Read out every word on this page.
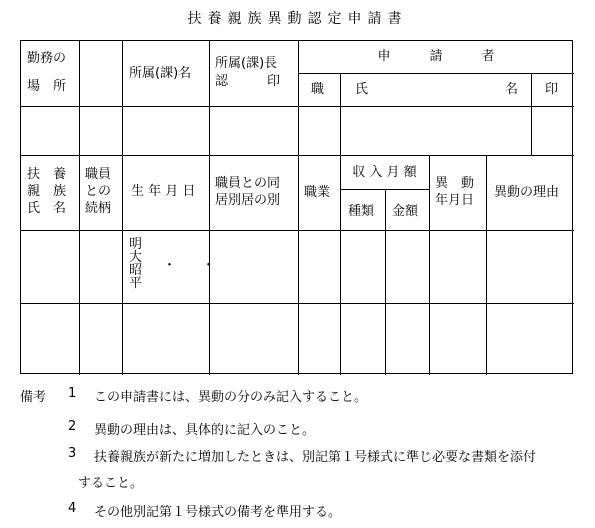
扶養親族異動認定申請書
勤務の
場　所
所属(課)名
所属(課)長
認　　　印
申　　　請　　　者
職 氏	名 印
扶　養
親　族
氏　名
職員
との
続柄
生 年 月 日
職員との同
居別居の別
職業
収 入 月 額
種類 金額
異　動
年月日
異動の理由
明
大
昭
平
・　　・
備考 1 この申請書には、異動の分のみ記入すること。
2 異動の理由は、具体的に記入のこと。
3 扶養親族が新たに増加したときは、別記第１号様式に準じ必要な書類を添付
すること。
4 その他別記第１号様式の備考を準用する。
